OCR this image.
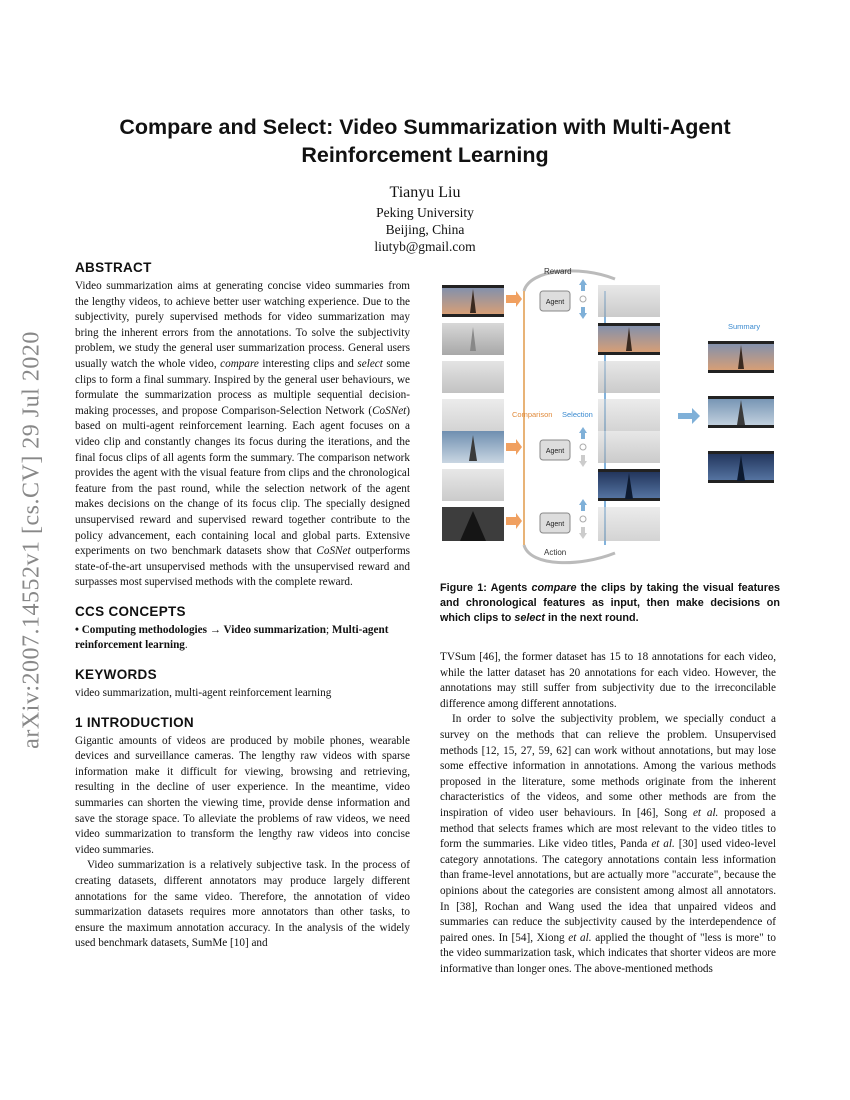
arXiv:2007.14552v1 [cs.CV] 29 Jul 2020
Compare and Select: Video Summarization with Multi-Agent
Reinforcement Learning
Tianyu Liu
Peking University
Beijing, China
liutyb@gmail.com
ABSTRACT

Video summarization aims at generating concise video summaries from the lengthy videos, to achieve better user watching experience. Due to the subjectivity, purely supervised methods for video summarization may bring the inherent errors from the annotations. To solve the subjectivity problem, we study the general user summarization process. General users usually watch the whole video, compare interesting clips and select some clips to form a final summary. Inspired by the general user behaviours, we formulate the summarization process as multiple sequential decision-making processes, and propose Comparison-Selection Network (CoSNet) based on multi-agent reinforcement learning. Each agent focuses on a video clip and constantly changes its focus during the iterations, and the final focus clips of all agents form the summary. The comparison network provides the agent with the visual feature from clips and the chronological feature from the past round, while the selection network of the agent makes decisions on the change of its focus clip. The specially designed unsupervised reward and supervised reward together contribute to the policy advancement, each containing local and global parts. Extensive experiments on two benchmark datasets show that CoSNet outperforms state-of-the-art unsupervised methods with the unsupervised reward and surpasses most supervised methods with the complete reward.

CCS CONCEPTS

• Computing methodologies → Video summarization; Multi-agent reinforcement learning.

KEYWORDS

video summarization, multi-agent reinforcement learning

1 INTRODUCTION

Gigantic amounts of videos are produced by mobile phones, wearable devices and surveillance cameras. The lengthy raw videos with sparse information make it difficult for viewing, browsing and retrieving, resulting in the decline of user experience. In the meantime, video summaries can shorten the viewing time, provide dense information and save the storage space. To alleviate the problems of raw videos, we need video summarization to transform the lengthy raw videos into concise video summaries.

Video summarization is a relatively subjective task. In the process of creating datasets, different annotators may produce largely different annotations for the same video. Therefore, the annotation of video summarization datasets requires more annotators than other tasks, to ensure the maximum annotation accuracy. In the analysis of the widely used benchmark datasets, SumMe [10] and

Reward
Action
Comparison Selection
Agent
Agent
Agent
Summary
Figure 1: Agents compare the clips by taking the visual features and chronological features as input, then make decisions on which clips to select in the next round.

TVSum [46], the former dataset has 15 to 18 annotations for each video, while the latter dataset has 20 annotations for each video. However, the annotations may still suffer from subjectivity due to the irreconcilable difference among different annotations.

In order to solve the subjectivity problem, we specially conduct a survey on the methods that can relieve the problem. Unsupervised methods [12, 15, 27, 59, 62] can work without annotations, but may lose some effective information in annotations. Among the various methods proposed in the literature, some methods originate from the inherent characteristics of the videos, and some other methods are from the inspiration of video user behaviours. In [46], Song et al. proposed a method that selects frames which are most relevant to the video titles to form the summaries. Like video titles, Panda et al. [30] used video-level category annotations. The category annotations contain less information than frame-level annotations, but are actually more "accurate", because the opinions about the categories are consistent among almost all annotators. In [38], Rochan and Wang used the idea that unpaired videos and summaries can reduce the subjectivity caused by the interdependence of paired ones. In [54], Xiong et al. applied the thought of "less is more" to the video summarization task, which indicates that shorter videos are more informative than longer ones. The above-mentioned methods
